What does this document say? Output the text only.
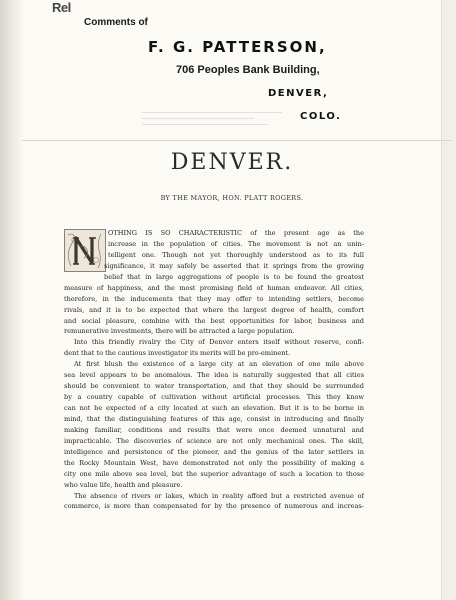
Rel
Comments of
F. G. PATTERSON,
706 Peoples Bank Building,
DENVER,
COLO.
DENVER.
BY THE MAYOR, HON. PLATT ROGERS.
OTHING IS SO CHARACTERISTIC of the present age as the
increase in the population of cities. The movement is not an unin-
telligent one. Though not yet thoroughly understood as to its full
significance, it may safely be asserted that it springs from the growing
belief that in large aggregations of people is to be found the greatest
measure of happiness, and the most promising field of human endeavor. All cities,
therefore, in the inducements that they may offer to intending settlers, become
rivals, and it is to be expected that where the largest degree of health, comfort
and social pleasure, combine with the best opportunities for labor, business and
remunerative investments, there will be attracted a large population.
Into this friendly rivalry the City of Denver enters itself without reserve, confi-
dent that to the cautious investigator its merits will be pre-eminent.
At first blush the existence of a large city at an elevation of one mile above
sea level appears to be anomalous. The idea is naturally suggested that all cities
should be convenient to water transportation, and that they should be surrounded
by a country capable of cultivation without artificial processes. This they know
can not be expected of a city located at such an elevation. But it is to be borne in
mind, that the distinguishing features of this age, consist in introducing and finally
making familiar, conditions and results that were once deemed unnatural and
impracticable. The discoveries of science are not only mechanical ones. The skill,
intelligence and persistence of the pioneer, and the genius of the later settlers in
the Rocky Mountain West, have demonstrated not only the possibility of making a
city one mile above sea level, but the superior advantage of such a location to those
who value life, health and pleasure.
The absence of rivers or lakes, which in reality afford but a restricted avenue of
commerce, is more than compensated for by the presence of numerous and increas-
